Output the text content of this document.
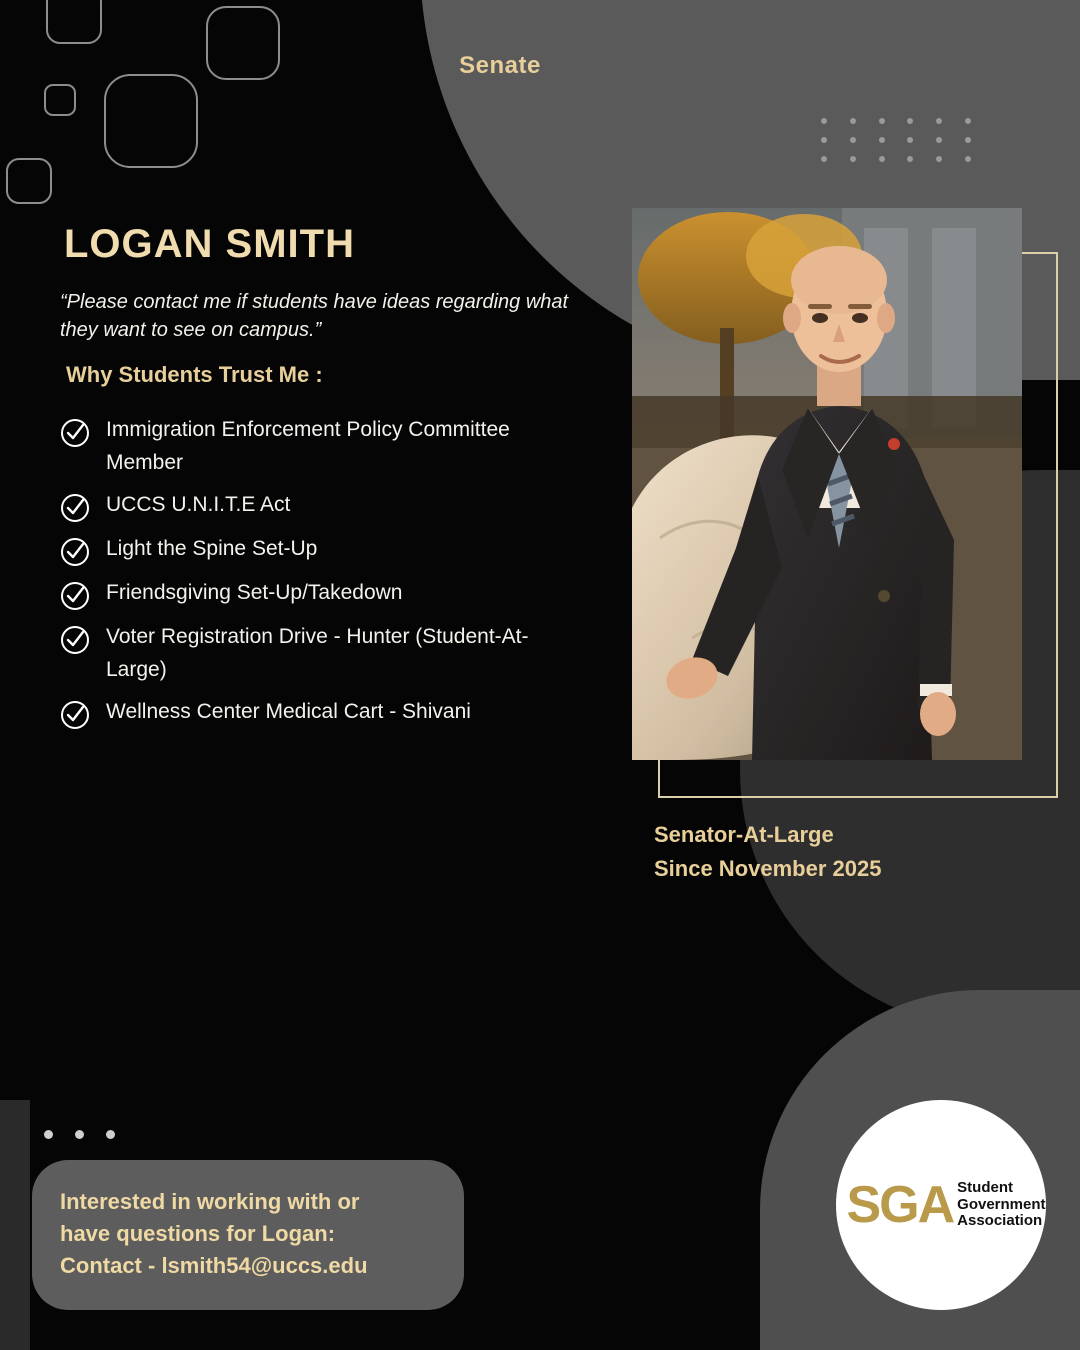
Senate
LOGAN SMITH

“Please contact me if students have ideas regarding what they want to see on campus.”

Why Students Trust Me :
Immigration Enforcement Policy Committee Member
UCCS U.N.I.T.E Act
Light the Spine Set-Up
Friendsgiving Set-Up/Takedown
Voter Registration Drive - Hunter (Student-At-Large)
Wellness Center Medical Cart - Shivani
Senator-At-Large
Since November 2025
Interested in working with or
have questions for Logan:
Contact - lsmith54@uccs.edu
SGA Student
Government
Association
